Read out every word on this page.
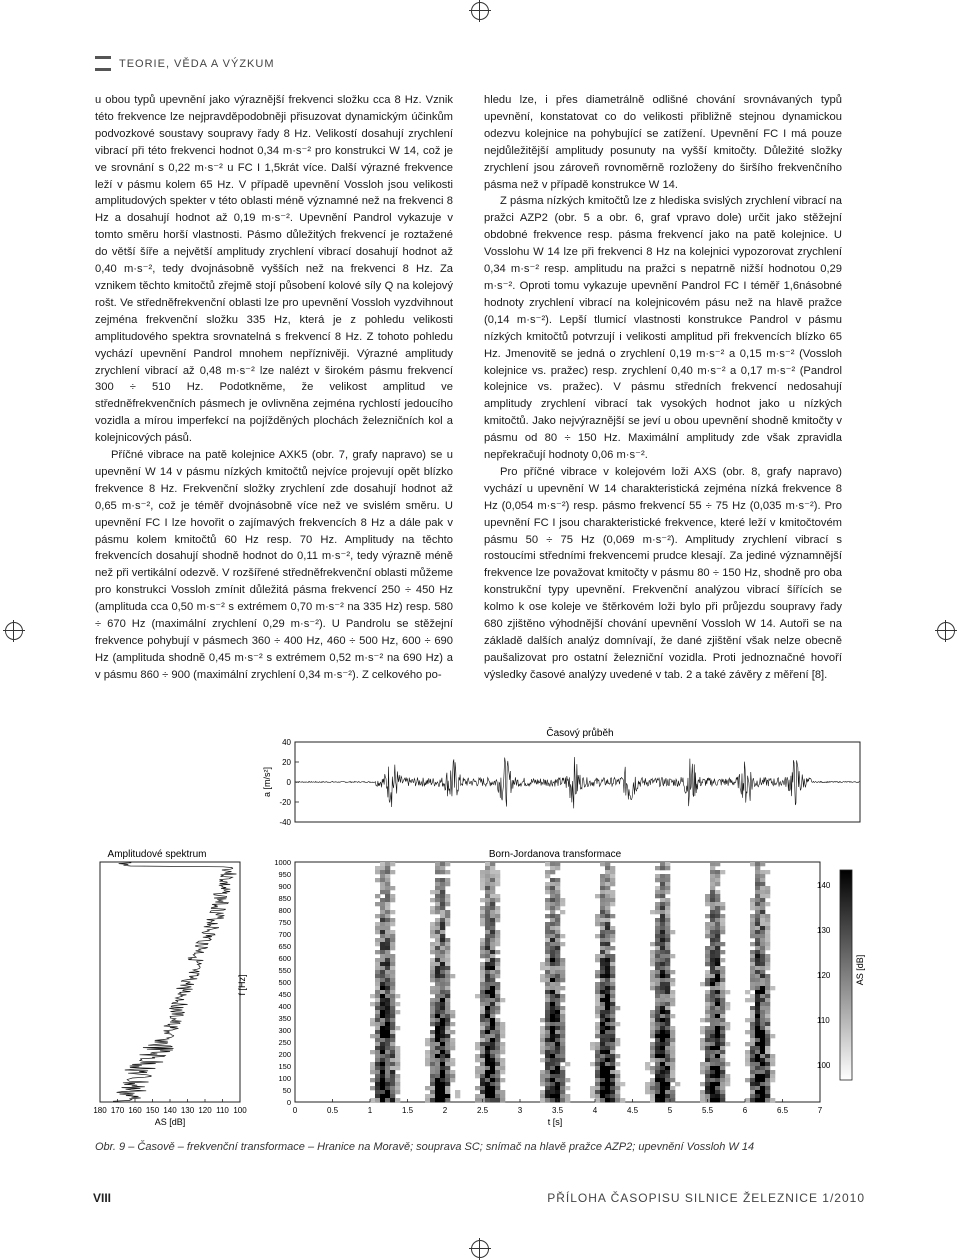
TEORIE, VĚDA A VÝZKUM

u obou typů upevnění jako výraznější frekvenci složku cca 8 Hz. Vznik této frekvence lze nejpravděpodobněji přisuzovat dynamickým účinkům podvozkové soustavy soupravy řady 8 Hz. Velikostí dosahují zrychlení vibrací při této frekvenci hodnot 0,34 m·s⁻² pro konstrukci W 14, což je ve srovnání s 0,22 m·s⁻² u FC I 1,5krát více. Další výrazné frekvence leží v pásmu kolem 65 Hz. V případě upevnění Vossloh jsou velikosti amplitudových spekter v této oblasti méně významné než na frekvenci 8 Hz a dosahují hodnot až 0,19 m·s⁻². Upevnění Pandrol vykazuje v tomto směru horší vlastnosti. Pásmo důležitých frekvencí je roztažené do větší šíře a největší amplitudy zrychlení vibrací dosahují hodnot až 0,40 m·s⁻², tedy dvojnásobně vyšších než na frekvenci 8 Hz. Za vznikem těchto kmitočtů zřejmě stojí působení kolové síly Q na kolejový rošt. Ve středněfrekvenční oblasti lze pro upevnění Vossloh vyzdvihnout zejména frekvenční složku 335 Hz, která je z pohledu velikosti amplitudového spektra srovnatelná s frekvencí 8 Hz. Z tohoto pohledu vychází upevnění Pandrol mnohem nepříznivěji. Výrazné amplitudy zrychlení vibrací až 0,48 m·s⁻² lze nalézt v širokém pásmu frekvencí 300 ÷ 510 Hz. Podotkněme, že velikost amplitud ve středněfrekvenčních pásmech je ovlivněna zejména rychlostí jedoucího vozidla a mírou imperfekcí na pojížděných plochách železničních kol a kolejnicových pásů.

Příčné vibrace na patě kolejnice AXK5 (obr. 7, grafy napravo) se u upevnění W 14 v pásmu nízkých kmitočtů nejvíce projevují opět blízko frekvence 8 Hz. Frekvenční složky zrychlení zde dosahují hodnot až 0,65 m·s⁻², což je téměř dvojnásobně více než ve svislém směru. U upevnění FC I lze hovořit o zajímavých frekvencích 8 Hz a dále pak v pásmu kolem kmitočtů 60 Hz resp. 70 Hz. Amplitudy na těchto frekvencích dosahují shodně hodnot do 0,11 m·s⁻², tedy výrazně méně než při vertikální odezvě. V rozšířené středněfrekvenční oblasti můžeme pro konstrukci Vossloh zmínit důležitá pásma frekvencí 250 ÷ 450 Hz (amplituda cca 0,50 m·s⁻² s extrémem 0,70 m·s⁻² na 335 Hz) resp. 580 ÷ 670 Hz (maximální zrychlení 0,29 m·s⁻²). U Pandrolu se stěžejní frekvence pohybují v pásmech 360 ÷ 400 Hz, 460 ÷ 500 Hz, 600 ÷ 690 Hz (amplituda shodně 0,45 m·s⁻² s extrémem 0,52 m·s⁻² na 690 Hz) a v pásmu 860 ÷ 900 (maximální zrychlení 0,34 m·s⁻²). Z celkového po-

hledu lze, i přes diametrálně odlišné chování srovnávaných typů upevnění, konstatovat co do velikosti přibližně stejnou dynamickou odezvu kolejnice na pohybující se zatížení. Upevnění FC I má pouze nejdůležitější amplitudy posunuty na vyšší kmitočty. Důležité složky zrychlení jsou zároveň rovnoměrně rozloženy do širšího frekvenčního pásma než v případě konstrukce W 14.

Z pásma nízkých kmitočtů lze z hlediska svislých zrychlení vibrací na pražci AZP2 (obr. 5 a obr. 6, graf vpravo dole) určit jako stěžejní obdobné frekvence resp. pásma frekvencí jako na patě kolejnice. U Vosslohu W 14 lze při frekvenci 8 Hz na kolejnici vypozorovat zrychlení 0,34 m·s⁻² resp. amplitudu na pražci s nepatrně nižší hodnotou 0,29 m·s⁻². Oproti tomu vykazuje upevnění Pandrol FC I téměř 1,6násobné hodnoty zrychlení vibrací na kolejnicovém pásu než na hlavě pražce (0,14 m·s⁻²). Lepší tlumicí vlastnosti konstrukce Pandrol v pásmu nízkých kmitočtů potvrzují i velikosti amplitud při frekvencích blízko 65 Hz. Jmenovitě se jedná o zrychlení 0,19 m·s⁻² a 0,15 m·s⁻² (Vossloh kolejnice vs. pražec) resp. zrychlení 0,40 m·s⁻² a 0,17 m·s⁻² (Pandrol kolejnice vs. pražec). V pásmu středních frekvencí nedosahují amplitudy zrychlení vibrací tak vysokých hodnot jako u nízkých kmitočtů. Jako nejvýraznější se jeví u obou upevnění shodně kmitočty v pásmu od 80 ÷ 150 Hz. Maximální amplitudy zde však zpravidla nepřekračují hodnoty 0,06 m·s⁻².

Pro příčné vibrace v kolejovém loži AXS (obr. 8, grafy napravo) vychází u upevnění W 14 charakteristická zejména nízká frekvence 8 Hz (0,054 m·s⁻²) resp. pásmo frekvencí 55 ÷ 75 Hz (0,035 m·s⁻²). Pro upevnění FC I jsou charakteristické frekvence, které leží v kmitočtovém pásmu 50 ÷ 75 Hz (0,069 m·s⁻²). Amplitudy zrychlení vibrací s rostoucími středními frekvencemi prudce klesají. Za jediné významnější frekvence lze považovat kmitočty v pásmu 80 ÷ 150 Hz, shodně pro oba konstrukční typy upevnění. Frekvenční analýzou vibrací šířících se kolmo k ose koleje ve štěrkovém loži bylo při průjezdu soupravy řady 680 zjištěno výhodnější chování upevnění Vossloh W 14. Autoři se na základě dalších analýz domnívají, že dané zjištění však nelze obecně paušalizovat pro ostatní železniční vozidla. Proti jednoznačné hovoří výsledky časové analýzy uvedené v tab. 2 a také závěry z měření [8].

Časový průběh
a [m/s²]
40
20
0
-20
-40
Amplitudové spektrum
180 170 160 150 140 130 120 110 100
AS [dB]
1000
950
900
850
800
750
700
650
600
550
500
450
400
350
300
250
200
150
100
50
0
f [Hz]
Born-Jordanova transformace
0	0.5	1	1.5	2	2.5	3	3.5	4	4.5	5	5.5	6	6.5	7
t [s]
140
130
120
110
100
AS [dB]
Obr. 9 – Časově – frekvenční transformace – Hranice na Moravě; souprava SC; snímač na hlavě pražce AZP2; upevnění Vossloh W 14
VIII	PŘÍLOHA ČASOPISU SILNICE ŽELEZNICE 1/2010
